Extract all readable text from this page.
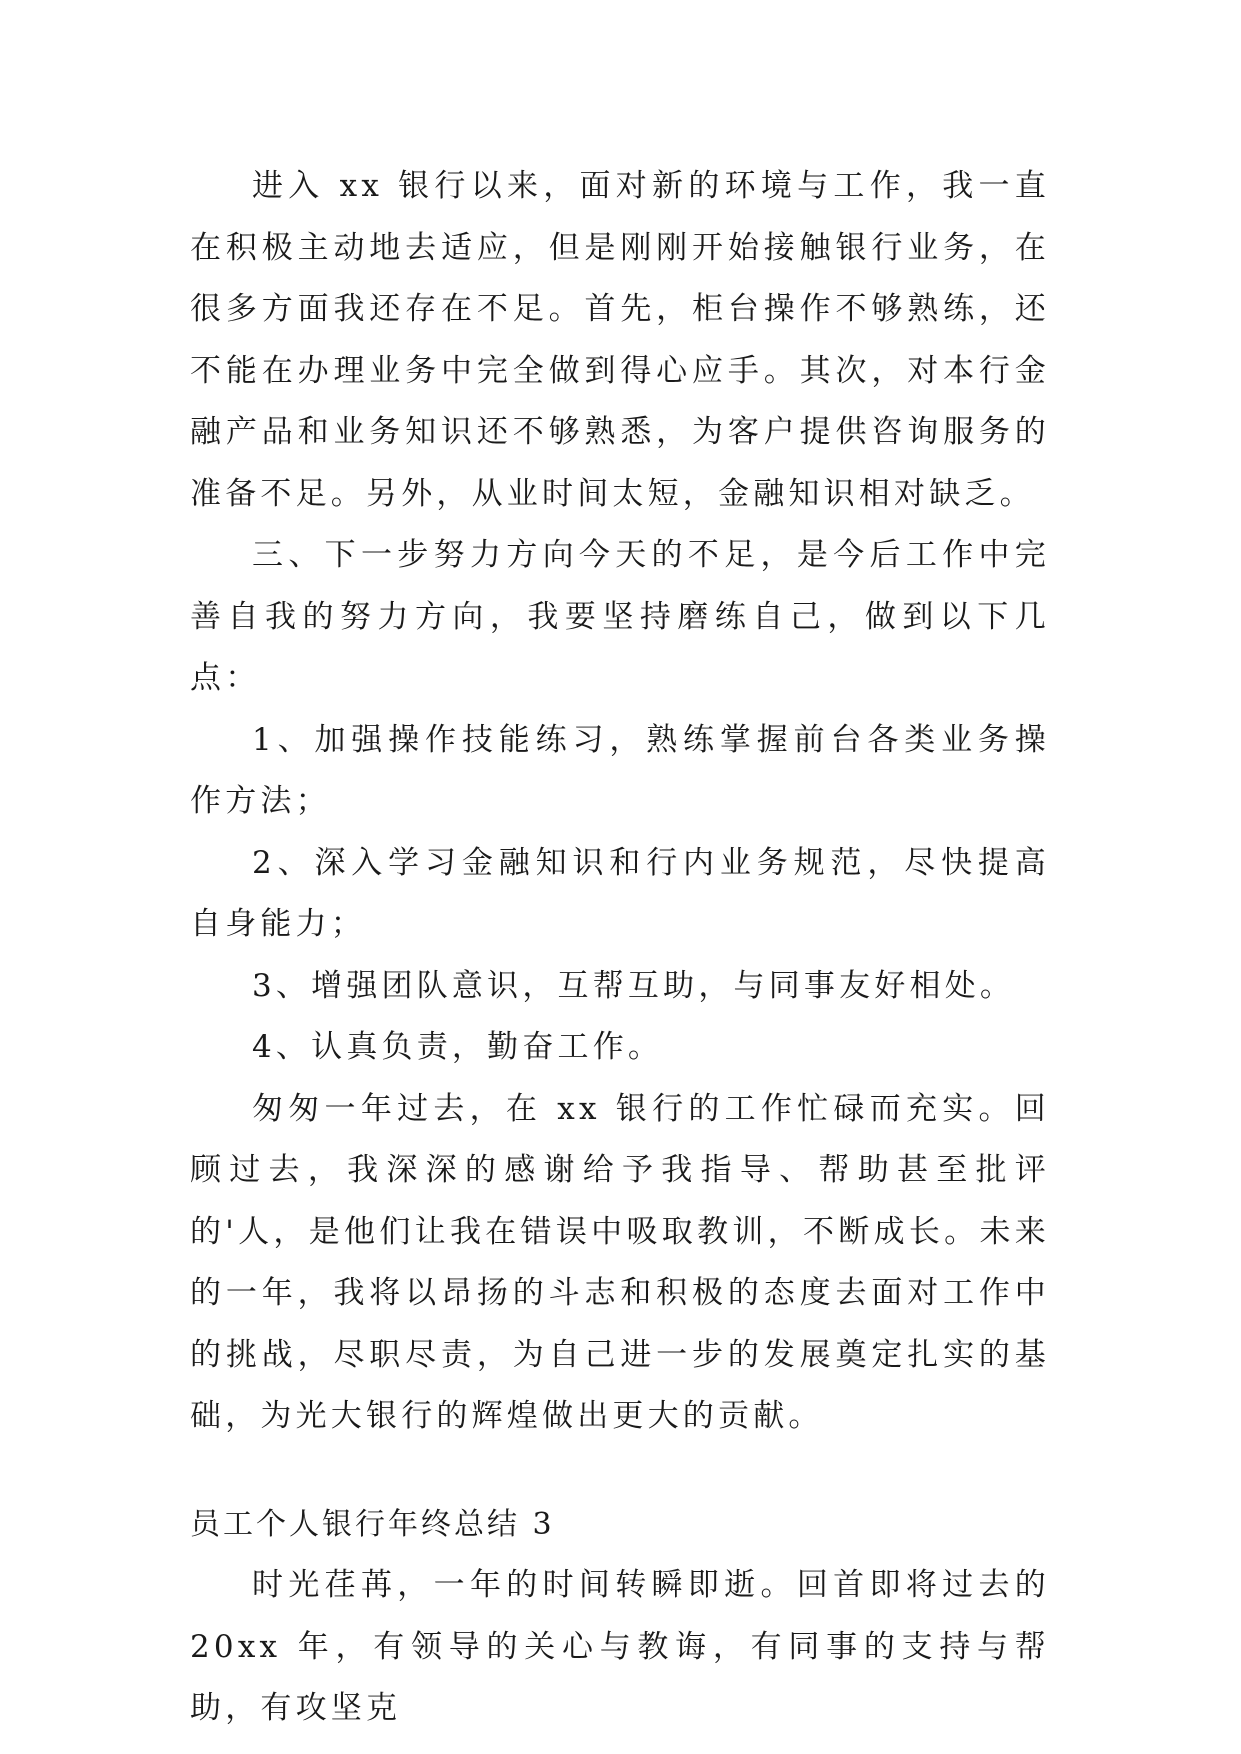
进入 xx 银行以来，面对新的环境与工作，我一直在积极主动地去适应，但是刚刚开始接触银行业务，在很多方面我还存在不足。首先，柜台操作不够熟练，还不能在办理业务中完全做到得心应手。其次，对本行金融产品和业务知识还不够熟悉，为客户提供咨询服务的准备不足。另外，从业时间太短，金融知识相对缺乏。

三、下一步努力方向今天的不足，是今后工作中完善自我的努力方向，我要坚持磨练自己，做到以下几点：

1、加强操作技能练习，熟练掌握前台各类业务操作方法；

2、深入学习金融知识和行内业务规范，尽快提高自身能力；

3、增强团队意识，互帮互助，与同事友好相处。

4、认真负责，勤奋工作。

匆匆一年过去，在 xx 银行的工作忙碌而充实。回顾过去，我深深的感谢给予我指导、帮助甚至批评的'人，是他们让我在错误中吸取教训，不断成长。未来的一年，我将以昂扬的斗志和积极的态度去面对工作中的挑战，尽职尽责，为自己进一步的发展奠定扎实的基础，为光大银行的辉煌做出更大的贡献。

员工个人银行年终总结 3

时光荏苒，一年的时间转瞬即逝。回首即将过去的 20xx 年，有领导的关心与教诲，有同事的支持与帮助，有攻坚克
